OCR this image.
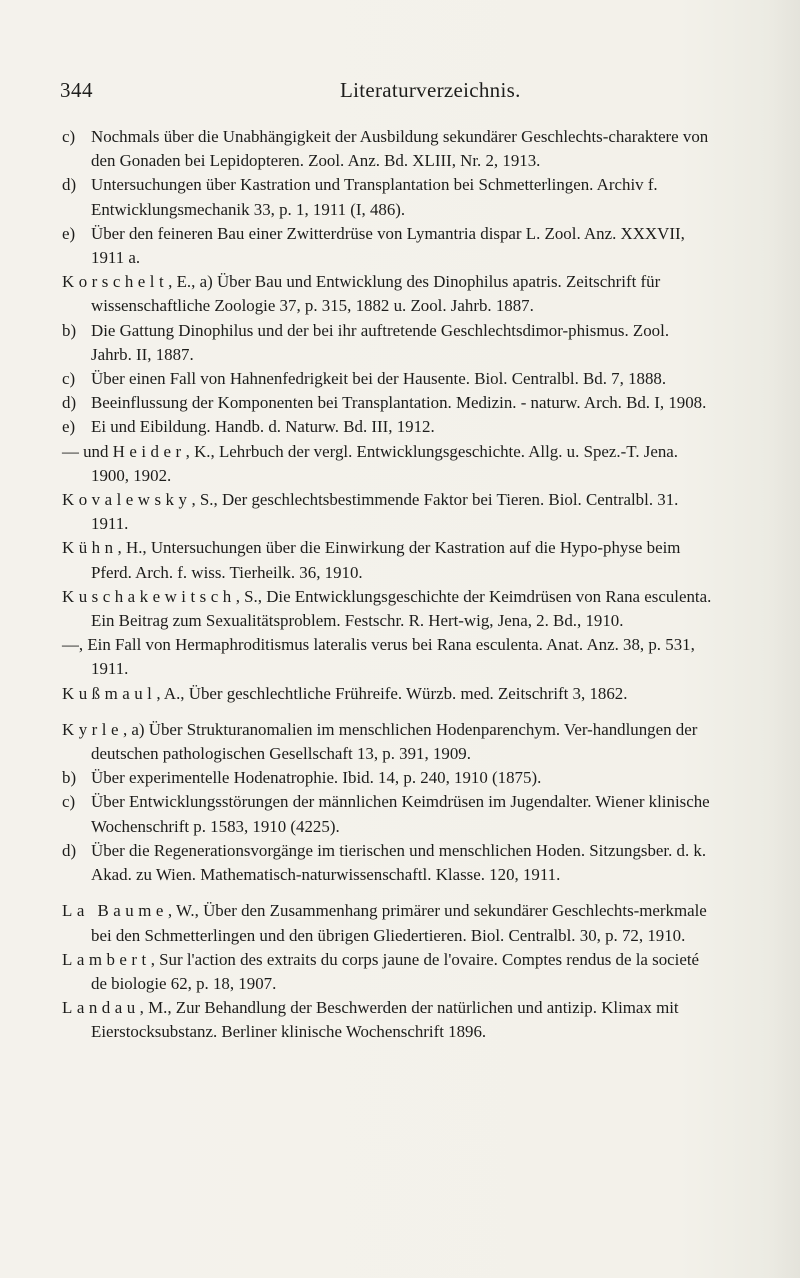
344	Literaturverzeichnis.

c) Nochmals über die Unabhängigkeit der Ausbildung sekundärer Geschlechts-charaktere von den Gonaden bei Lepidopteren. Zool. Anz. Bd. XLIII, Nr. 2, 1913.

d) Untersuchungen über Kastration und Transplantation bei Schmetterlingen. Archiv f. Entwicklungsmechanik 33, p. 1, 1911 (I, 486).

e) Über den feineren Bau einer Zwitterdrüse von Lymantria dispar L. Zool. Anz. XXXVII, 1911 a.

Korschelt, E., a) Über Bau und Entwicklung des Dinophilus apatris. Zeitschrift für wissenschaftliche Zoologie 37, p. 315, 1882 u. Zool. Jahrb. 1887.

b) Die Gattung Dinophilus und der bei ihr auftretende Geschlechtsdimor-phismus. Zool. Jahrb. II, 1887.

c) Über einen Fall von Hahnenfedrigkeit bei der Hausente. Biol. Centralbl. Bd. 7, 1888.

d) Beeinflussung der Komponenten bei Transplantation. Medizin. - naturw. Arch. Bd. I, 1908.

e) Ei und Eibildung. Handb. d. Naturw. Bd. III, 1912.

— und Heider, K., Lehrbuch der vergl. Entwicklungsgeschichte. Allg. u. Spez.-T. Jena. 1900, 1902.

Kovalewsky, S., Der geschlechtsbestimmende Faktor bei Tieren. Biol. Centralbl. 31. 1911.

Kühn, H., Untersuchungen über die Einwirkung der Kastration auf die Hypo-physe beim Pferd. Arch. f. wiss. Tierheilk. 36, 1910.

Kuschakewitsch, S., Die Entwicklungsgeschichte der Keimdrüsen von Rana esculenta. Ein Beitrag zum Sexualitätsproblem. Festschr. R. Hert-wig, Jena, 2. Bd., 1910.

—, Ein Fall von Hermaphroditismus lateralis verus bei Rana esculenta. Anat. Anz. 38, p. 531, 1911.

Kußmaul, A., Über geschlechtliche Frühreife. Würzb. med. Zeitschrift 3, 1862.

Kyrle, a) Über Strukturanomalien im menschlichen Hodenparenchym. Ver-handlungen der deutschen pathologischen Gesellschaft 13, p. 391, 1909.

b) Über experimentelle Hodenatrophie. Ibid. 14, p. 240, 1910 (1875).

c) Über Entwicklungsstörungen der männlichen Keimdrüsen im Jugendalter. Wiener klinische Wochenschrift p. 1583, 1910 (4225).

d) Über die Regenerationsvorgänge im tierischen und menschlichen Hoden. Sitzungsber. d. k. Akad. zu Wien. Mathematisch-naturwissenschaftl. Klasse. 120, 1911.

La Baume, W., Über den Zusammenhang primärer und sekundärer Geschlechts-merkmale bei den Schmetterlingen und den übrigen Gliedertieren. Biol. Centralbl. 30, p. 72, 1910.

Lambert, Sur l'action des extraits du corps jaune de l'ovaire. Comptes rendus de la societé de biologie 62, p. 18, 1907.

Landau, M., Zur Behandlung der Beschwerden der natürlichen und antizip. Klimax mit Eierstocksubstanz. Berliner klinische Wochenschrift 1896.
